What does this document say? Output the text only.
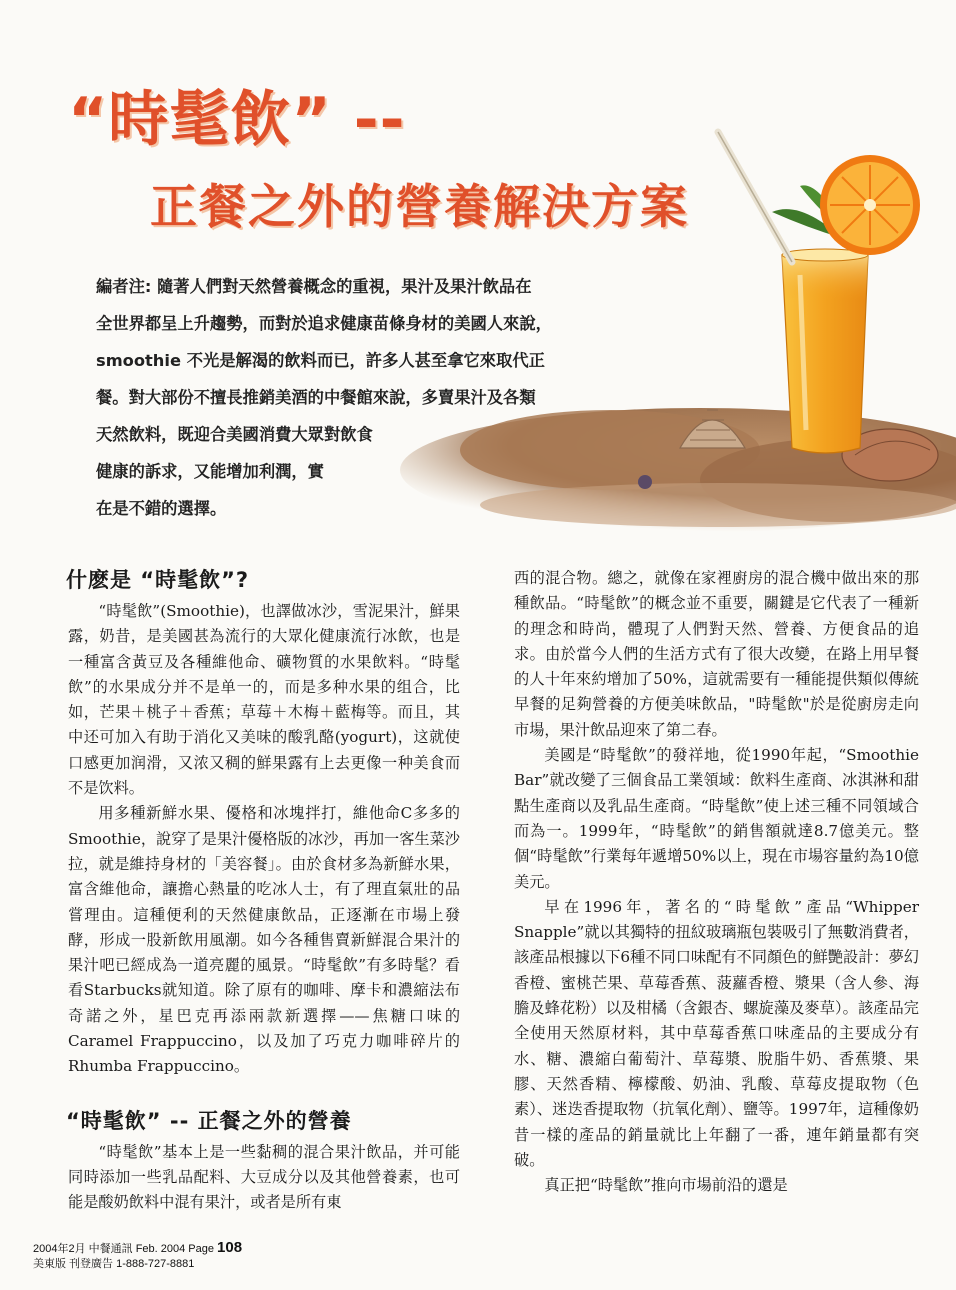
“時髦飲” --
正餐之外的營養解決方案
編者注: 隨著人們對天然營養概念的重視，果汁及果汁飲品在
全世界都呈上升趨勢，而對於追求健康苗條身材的美國人來說，
smoothie 不光是解渴的飲料而已，許多人甚至拿它來取代正
餐。對大部份不擅長推銷美酒的中餐館來說，多賣果汁及各類
天然飲料，既迎合美國消費大眾對飲食
健康的訴求，又能增加利潤，實
在是不錯的選擇。
什麽是 “時髦飲”?

“時髦飲”(Smoothie)，也譯做冰沙，雪泥果汁，鮮果露，奶昔，是美國甚為流行的大眾化健康流行冰飲，也是一種富含黃豆及各種維他命、礦物質的水果飲料。“時髦飲”的水果成分并不是单一的，而是多种水果的组合，比如，芒果＋桃子＋香蕉；草莓＋木梅＋藍梅等。而且，其中还可加入有助于消化又美味的酸乳酪(yogurt)，这就使口感更加润滑，又浓又稠的鮮果露有上去更像一种美食而不是饮料。

用多種新鮮水果、優格和冰塊拌打，維他命C多多的Smoothie，說穿了是果汁優格版的冰沙，再加一客生菜沙拉，就是維持身材的「美容餐」。由於食材多為新鮮水果，富含維他命，讓擔心熱量的吃冰人士，有了理直氣壯的品嘗理由。這種便利的天然健康飲品，正逐漸在市場上發酵，形成一股新飲用風潮。如今各種售賣新鮮混合果汁的果汁吧已經成為一道亮麗的風景。“時髦飲”有多時髦？看看Starbucks就知道。除了原有的咖啡、摩卡和濃縮法布奇諾之外，星巴克再添兩款新選擇——焦糖口味的Caramel Frappuccino，以及加了巧克力咖啡碎片的Rhumba Frappuccino。

“時髦飲” -- 正餐之外的營養

“時髦飲”基本上是一些黏稠的混合果汁飲品，并可能同時添加一些乳品配料、大豆成分以及其他營養素，也可能是酸奶飲料中混有果汁，或者是所有東

西的混合物。總之，就像在家裡廚房的混合機中做出來的那種飲品。“時髦飲”的概念並不重要，關鍵是它代表了一種新的理念和時尚，體現了人們對天然、營養、方便食品的追求。由於當今人們的生活方式有了很大改變，在路上用早餐的人十年來約增加了50%，這就需要有一種能提供類似傳統早餐的足夠營養的方便美味飲品，"時髦飲"於是從廚房走向市場，果汁飲品迎來了第二春。

美國是“時髦飲”的發祥地，從1990年起，“Smoothie Bar”就改變了三個食品工業領域：飲料生產商、冰淇淋和甜點生產商以及乳品生產商。“時髦飲”使上述三種不同領域合而為一。1999年，“時髦飲”的銷售額就達8.7億美元。整個“時髦飲”行業每年遞增50%以上，現在市場容量約為10億美元。

早在1996年，著名的“時髦飲”產品“Whipper Snapple”就以其獨特的扭紋玻璃瓶包裝吸引了無數消費者，該產品根據以下6種不同口味配有不同顏色的鮮艷設計：夢幻香橙、蜜桃芒果、草莓香蕉、菠蘿香橙、漿果（含人參、海膽及蜂花粉）以及柑橘（含銀杏、螺旋藻及麥草）。該產品完全使用天然原材料，其中草莓香蕉口味產品的主要成分有水、糖、濃縮白葡萄汁、草莓漿、脫脂牛奶、香蕉漿、果膠、天然香精、檸檬酸、奶油、乳酸、草莓皮提取物（色素）、迷迭香提取物（抗氧化劑）、鹽等。1997年，這種像奶昔一樣的產品的銷量就比上年翻了一番，連年銷量都有突破。

真正把“時髦飲”推向市場前沿的還是

2004年2月 中餐通訊 Feb. 2004 Page 108
美東版 刊登廣告 1-888-727-8881
